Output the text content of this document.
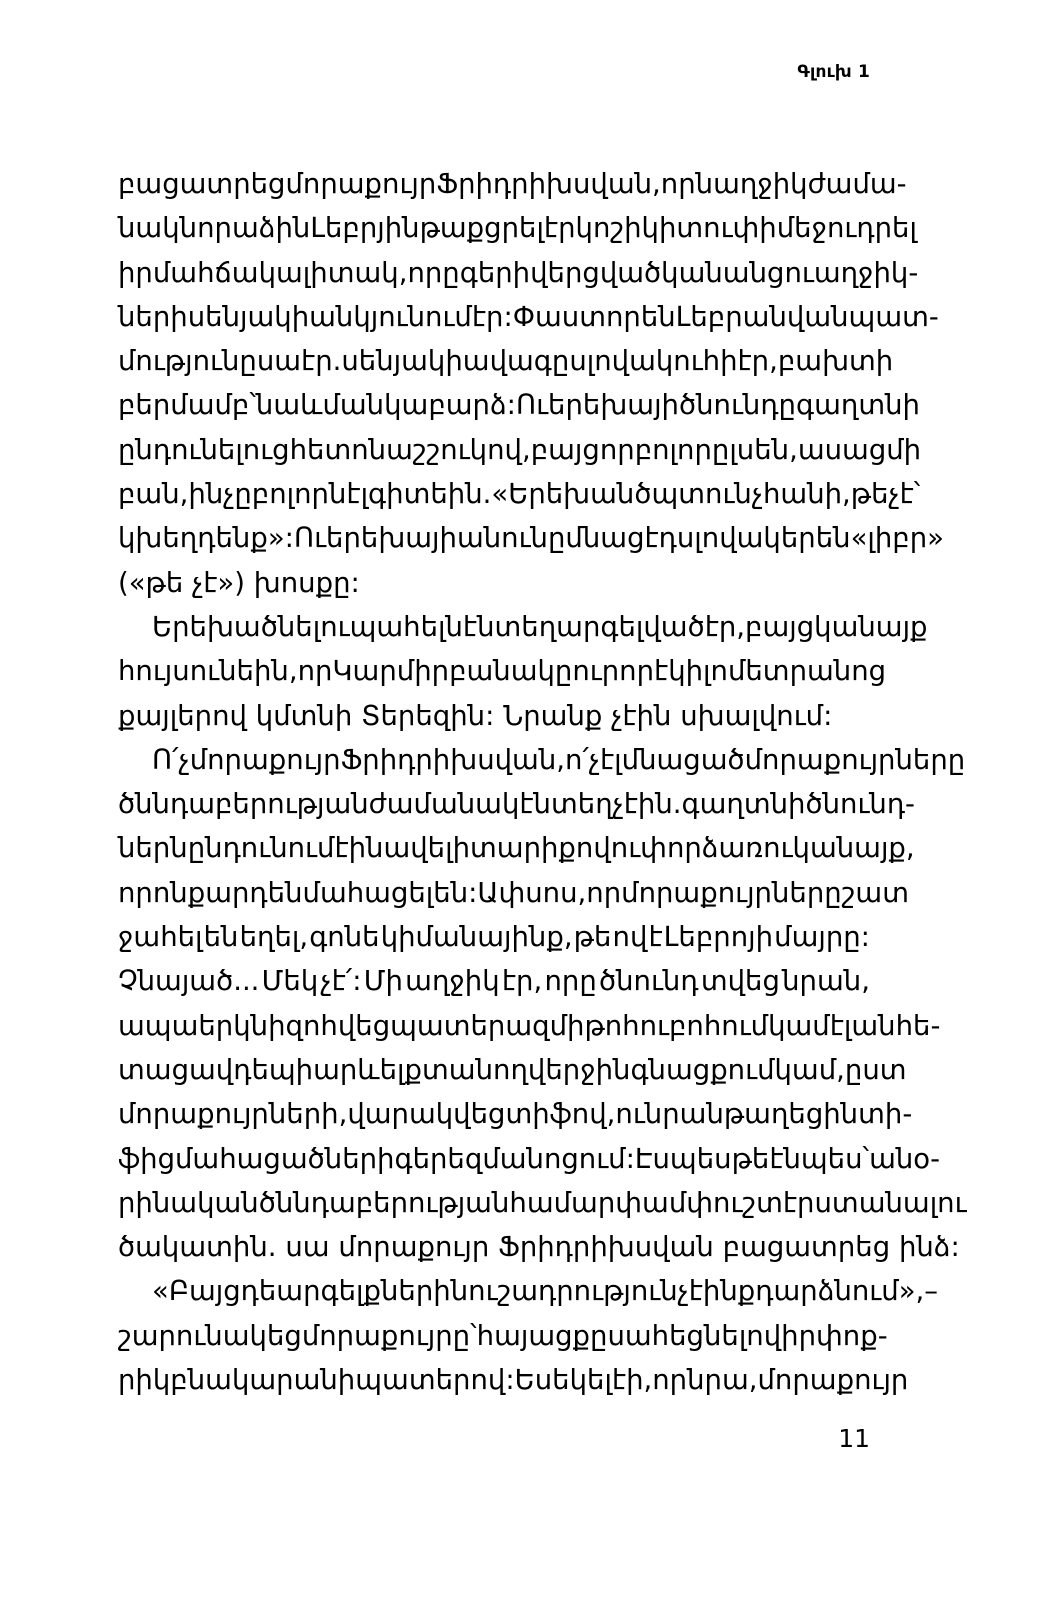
Գլուխ 1

բացատրեց մորաքույր Ֆրիդրիխսվան, որն աղջիկ ժամա-
նակ նորաձին Լեբրյին թաքցրել էր կոշիկի տուփի մեջ ու դրել
իր մահճակալի տակ, որը գերի վերցված կանանց ու աղջիկ-
ների սենյակի անկյունում էր: Փաստորեն Լեբր անվան պատ-
մությունը սա էր. սենյակի ավագը սլովակուհի էր, բախտի
բերմամբ՝ նաև մանկաբարձ: Ու երեխայի ծնունդը գաղտնի
ընդունելուց հետո նա շշուկով, բայց որ բոլորը լսեն, ասաց մի
բան, ինչը բոլորն էլ գիտեին. «Երեխան ծպտուն չհանի, թե չէ՝
կխեղդենք»: Ու երեխայի անունը մնաց էդ սլովակերեն «լիբր»
(«թե չէ») խոսքը:

Երեխա ծնել ու պահելն էնտեղ արգելված էր, բայց կանայք
հույս ունեին, որ Կարմիր բանակը ուր որ է կիլոմետրանոց
քայլերով կմտնի Տերեզին: Նրանք չէին սխալվում:

Ո՛չ մորաքույր Ֆրիդրիխսվան, ո՛չ էլ մնացած մորաքույրները
ծննդաբերության ժամանակ էնտեղ չէին. գաղտնի ծնունդ-
ներն ընդունում էին ավելի տարիքով ու փորձառու կանայք,
որոնք արդեն մահացել են: Ափսոս, որ մորաքույրները շատ
ջահել են եղել, գոնե կիմանայինք, թե ով է Լեբրոյի մայրը:
Չնայած... Մեկ չէ՛: Մի աղջիկ էր, որը ծնունդ տվեց նրան,
ապա երկնի զոհվեց պատերազմի թոհուբոհում կամ էլ անհե-
տացավ դեպի արևելք տանող վերջին գնացքում կամ, ըստ
մորաքույրների, վարակվեց տիֆով, ու նրան թաղեցին տի-
ֆից մահացածների գերեզմանոցում: Էսպես թե էնպես՝ անօ-
րինական ծննդաբերության համար փամփուշտ էր ստանալու
ծակատին. սա մորաքույր Ֆրիդրիխսվան բացատրեց ինձ:

«Բայց դե արգելքներին ուշադրություն չէինք դարձնում»,–
շարունակեց մորաքույրը՝ հայացքը սահեցնելով իր փոք-
րիկ բնակարանի պատերով: Ես եկել էի, որ նրա, մորաքույր

11
